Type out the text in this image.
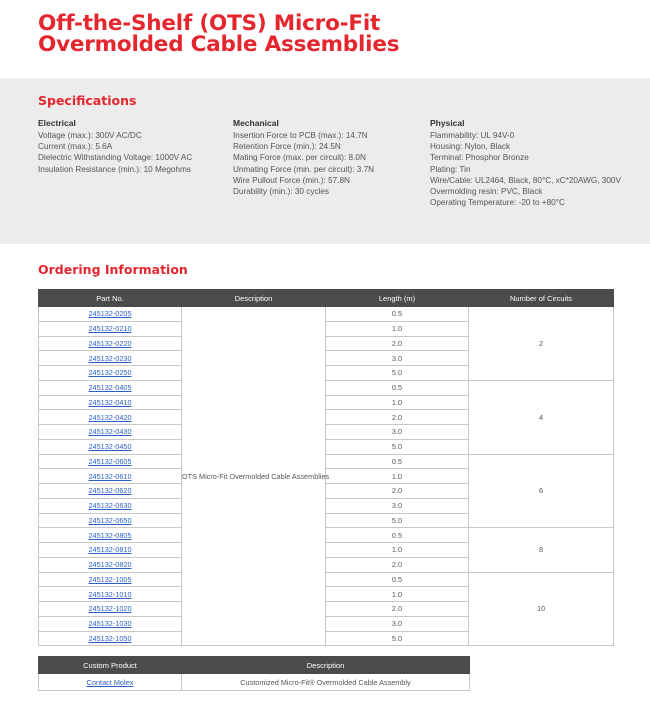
Off-the-Shelf (OTS) Micro-Fit
Overmolded Cable Assemblies
Specifications
Electrical
Voltage (max.): 300V AC/DC
Current (max.): 5.6A
Dielectric Withstanding Voltage: 1000V AC
Insulation Resistance (min.): 10 Megohms
Mechanical
Insertion Force to PCB (max.): 14.7N
Retention Force (min.): 24.5N
Mating Force (max. per circuit): 8.0N
Unmating Force (min. per circuit): 3.7N
Wire Pullout Force (min.): 57.8N
Durability (min.): 30 cycles
Physical
Flammability: UL 94V-0
Housing: Nylon, Black
Terminal: Phosphor Bronze
Plating: Tin
Wire/Cable: UL2464, Black, 80°C, xC*20AWG, 300V
Overmolding resin: PVC, Black
Operating Temperature: -20 to +80°C
Ordering Information
Part No.	Description	Length (m)	Number of Circuits
245132-0205	OTS Micro-Fit Overmolded Cable Assemblies	0.5	2
245132-0210		1.0	
245132-0220		2.0	
245132-0230		3.0	
245132-0250		5.0	
245132-0405		0.5	4
245132-0410		1.0	
245132-0420		2.0	
245132-0430		3.0	
245132-0450		5.0	
245132-0605		0.5	6
245132-0610		1.0	
245132-0620		2.0	
245132-0630		3.0	
245132-0650		5.0	
245132-0805		0.5	8
245132-0810		1.0	
245132-0820		2.0	
245132-1005		0.5	10
245132-1010		1.0	
245132-1020		2.0	
245132-1030		3.0	
245132-1050		5.0	
Custom Product	Description
Contact Molex	Customized Micro-Fit® Overmolded Cable Assembly
